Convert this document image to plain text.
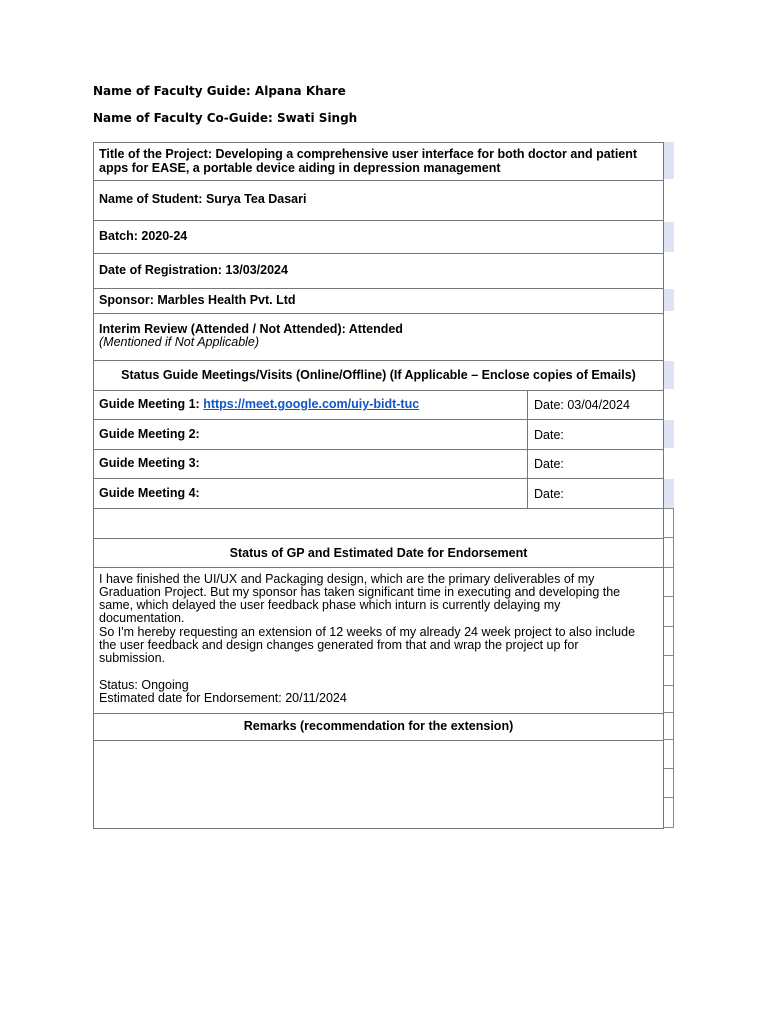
Name of Faculty Guide: Alpana Khare
Name of Faculty Co-Guide: Swati Singh
Title of the Project: Developing a comprehensive user interface for both doctor and patient
apps for EASE, a portable device aiding in depression management
Name of Student: Surya Tea Dasari
Batch: 2020-24
Date of Registration: 13/03/2024
Sponsor: Marbles Health Pvt. Ltd
Interim Review (Attended / Not Attended): Attended
(Mentioned if Not Applicable)
Status Guide Meetings/Visits (Online/Offline) (If Applicable – Enclose copies of Emails)
Guide Meeting 1: https://meet.google.com/uiy-bidt-tuc	Date: 03/04/2024
Guide Meeting 2:	Date:
Guide Meeting 3:	Date:
Guide Meeting 4:	Date:
Status of GP and Estimated Date for Endorsement
I have finished the UI/UX and Packaging design, which are the primary deliverables of my
Graduation Project. But my sponsor has taken significant time in executing and developing the
same, which delayed the user feedback phase which inturn is currently delaying my
documentation.
So I'm hereby requesting an extension of 12 weeks of my already 24 week project to also include
the user feedback and design changes generated from that and wrap the project up for
submission.
Status: Ongoing
Estimated date for Endorsement: 20/11/2024
Remarks (recommendation for the extension)
